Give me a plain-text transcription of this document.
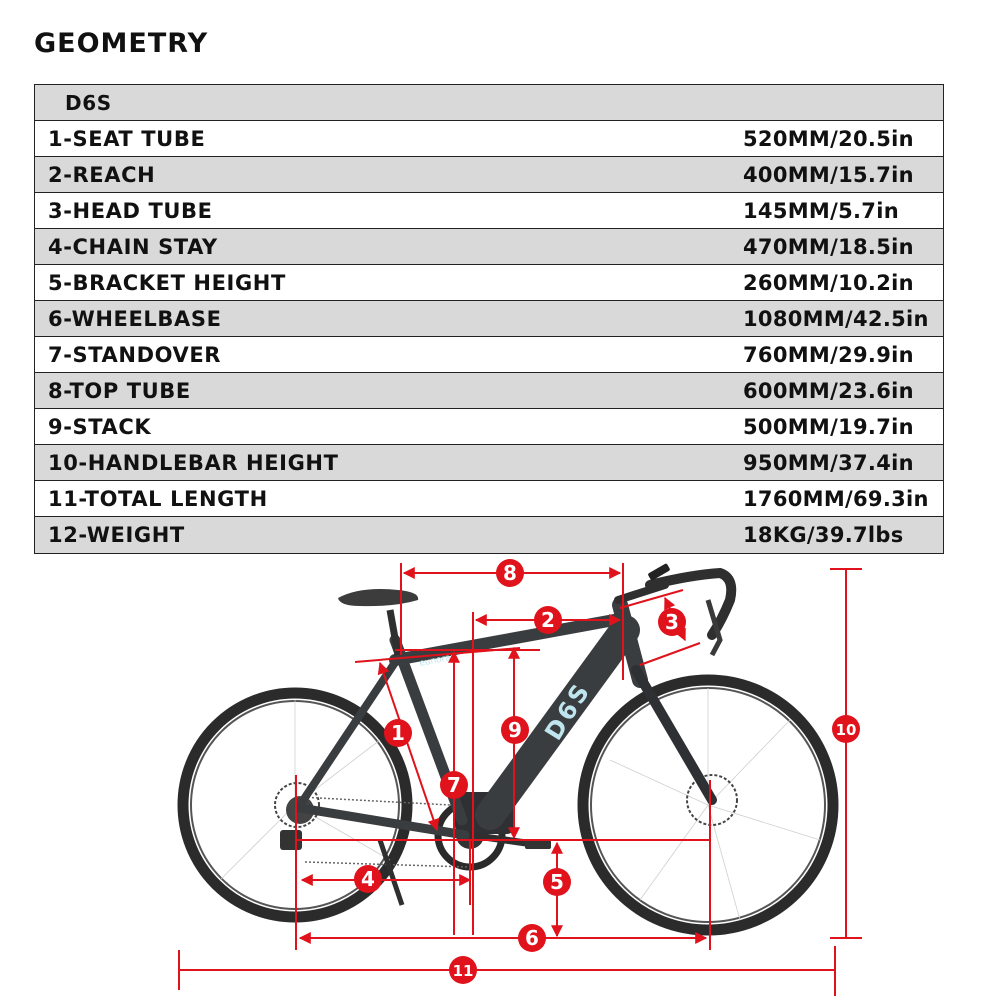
GEOMETRY
D6S
1-SEAT TUBE	520MM/20.5in
2-REACH	400MM/15.7in
3-HEAD TUBE	145MM/5.7in
4-CHAIN STAY	470MM/18.5in
5-BRACKET HEIGHT	260MM/10.2in
6-WHEELBASE	1080MM/42.5in
7-STANDOVER	760MM/29.9in
8-TOP TUBE	600MM/23.6in
9-STACK	500MM/19.7in
10-HANDLEBAR HEIGHT	950MM/37.4in
11-TOTAL LENGTH	1760MM/69.3in
12-WEIGHT	18KG/39.7lbs
D6S
eunorau
8
2	3
1	9
7
4	5
6
10
11
